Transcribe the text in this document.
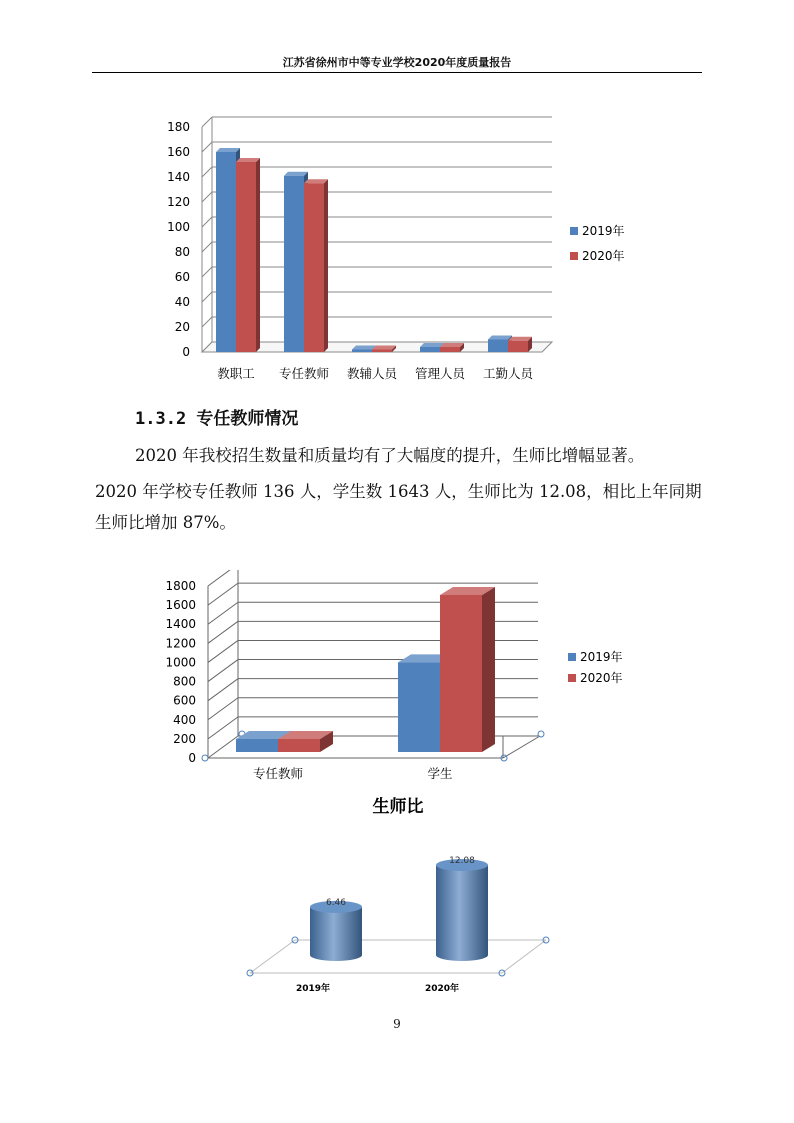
江苏省徐州市中等专业学校2020年度质量报告
0
20
40
60
80
100
120
140
160
180
教职工 专任教师 教辅人员 管理人员 工勤人员
2019年
2020年
1.3.2 专任教师情况

2020 年我校招生数量和质量均有了大幅度的提升，生师比增幅显著。

2020 年学校专任教师 136 人，学生数 1643 人，生师比为 12.08，相比上年同期生师比增加 87%。

0
200
400
600
800
1000
1200
1400
1600
1800
专任教师	学生
2019年
2020年
生师比
6.46
2019年
12.08
2020年
9
